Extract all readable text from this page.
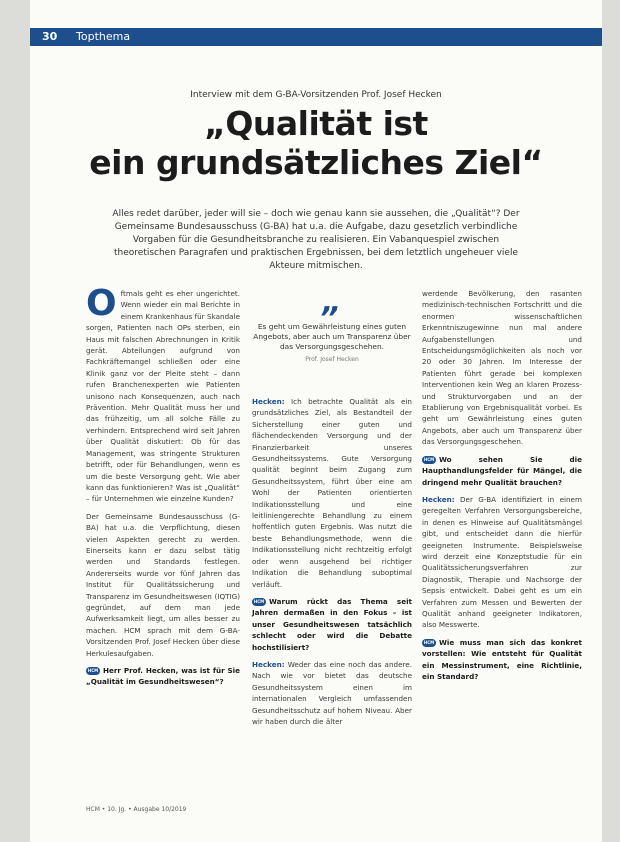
30 Topthema
Interview mit dem G-BA-Vorsitzenden Prof. Josef Hecken
„Qualität ist
ein grundsätzliches Ziel“
Alles redet darüber, jeder will sie – doch wie genau kann sie aussehen, die „Qualität“? Der Gemeinsame Bundesausschuss (G-BA) hat u.a. die Aufgabe, dazu gesetzlich verbindliche Vorgaben für die Gesundheitsbranche zu realisieren. Ein Vabanquespiel zwischen theoretischen Paragrafen und praktischen Ergebnissen, bei dem letztlich ungeheuer viele Akteure mitmischen.

Oftmals geht es eher ungerichtet. Wenn wieder ein mal Berichte in einem Krankenhaus für Skandale sorgen, Patienten nach OPs sterben, ein Haus mit falschen Abrechnungen in Kritik gerät. Abteilungen aufgrund von Fachkräftemangel schließen oder eine Klinik ganz vor der Pleite steht – dann rufen Branchenexperten wie Patienten unisono nach Konsequenzen, auch nach Prävention. Mehr Qualität muss her und das frühzeitig, um all solche Fälle zu verhindern. Entsprechend wird seit Jahren über Qualität diskutiert: Ob für das Management, was stringente Strukturen betrifft, oder für Behandlungen, wenn es um die beste Versorgung geht. Wie aber kann das funktionieren? Was ist „Qualität“ – für Unternehmen wie einzelne Kunden?

Der Gemeinsame Bundesausschuss (G-BA) hat u.a. die Verpflichtung, diesen vielen Aspekten gerecht zu werden. Einerseits kann er dazu selbst tätig werden und Standards festlegen. Andererseits wurde vor fünf Jahren das Institut für Qualitätssicherung und Transparenz im Gesundheitswesen (IQTIG) gegründet, auf dem man jede Aufwerksamkeit liegt, um alles besser zu machen. HCM sprach mit dem G-BA-Vorsitzenden Prof. Josef Hecken über diese Herkulesaufgaben.

HCM Herr Prof. Hecken, was ist für Sie „Qualität im Gesundheitswesen“?

„
Es geht um Gewährleistung eines guten Angebots, aber auch um Transparenz über das Versorgungsgeschehen.
Prof. Josef Hecken

Hecken: Ich betrachte Qualität als ein grundsätzliches Ziel, als Bestandteil der Sicherstellung einer guten und flächendeckenden Versorgung und der Finanzierbarkeit unseres Gesundheitssystems. Gute Versorgung qualität beginnt beim Zugang zum Gesundheitssystem, führt über eine am Wohl der Patienten orientierten Indikationsstellung und eine leitliniengerechte Behandlung zu einem hoffentlich guten Ergebnis. Was nutzt die beste Behandlungsmethode, wenn die Indikationsstellung nicht rechtzeitig erfolgt oder wenn ausgehend bei richtiger Indikation die Behandlung suboptimal verläuft.

HCM Warum rückt das Thema seit Jahren dermaßen in den Fokus – ist unser Gesundheitswesen tatsächlich schlecht oder wird die Debatte hochstilisiert?

Hecken: Weder das eine noch das andere. Nach wie vor bietet das deutsche Gesundheitssystem einen im internationalen Vergleich umfassenden Gesundheitsschutz auf hohem Niveau. Aber wir haben durch die älter

werdende Bevölkerung, den rasanten medizinisch-technischen Fortschritt und die enormen wissenschaftlichen Erkenntniszugewinne nun mal andere Aufgabenstellungen und Entscheidungsmöglichkeiten als noch vor 20 oder 30 Jahren. Im Interesse der Patienten führt gerade bei komplexen Interventionen kein Weg an klaren Prozess- und Strukturvorgaben und an der Etablierung von Ergebnisqualität vorbei. Es geht um Gewährleistung eines guten Angebots, aber auch um Transparenz über das Versorgungsgeschehen.

HCM Wo sehen Sie die Haupthandlungsfelder für Mängel, die dringend mehr Qualität brauchen?

Hecken: Der G-BA identifiziert in einem geregelten Verfahren Versorgungsbereiche, in denen es Hinweise auf Qualitätsmängel gibt, und entscheidet dann die hierfür geeigneten Instrumente. Beispielsweise wird derzeit eine Konzeptstudie für ein Qualitätssicherungsverfahren zur Diagnostik, Therapie und Nachsorge der Sepsis entwickelt. Dabei geht es um ein Verfahren zum Messen und Bewerten der Qualität anhand geeigneter Indikatoren, also Messwerte.

HCM Wie muss man sich das konkret vorstellen: Wie entsteht für Qualität ein Messinstrument, eine Richtlinie, ein Standard?

HCM • 10. Jg. • Ausgabe 10/2019
